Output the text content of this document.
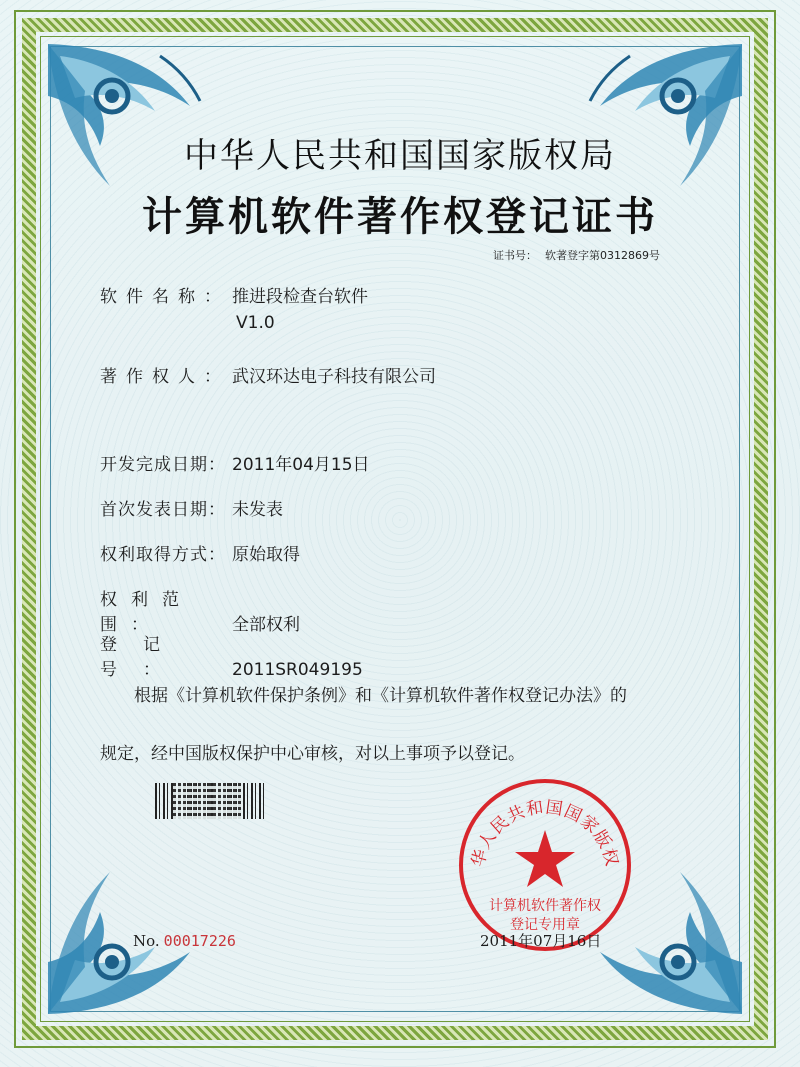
中华人民共和国国家版权局
计算机软件著作权登记证书
证书号： 软著登字第0312869号
软件名称： 推进段检查台软件
V1.0
著作权人： 武汉环达电子科技有限公司
开发完成日期： 2011年04月15日
首次发表日期： 未发表
权利取得方式： 原始取得
权利范围：	全部权利
登记号：	2011SR049195
根据《计算机软件保护条例》和《计算机软件著作权登记办法》的
规定，经中国版权保护中心审核，对以上事项予以登记。
华人民共和国国家版权
计算机软件著作权
登记专用章
No. 00017226	2011年07月16日
